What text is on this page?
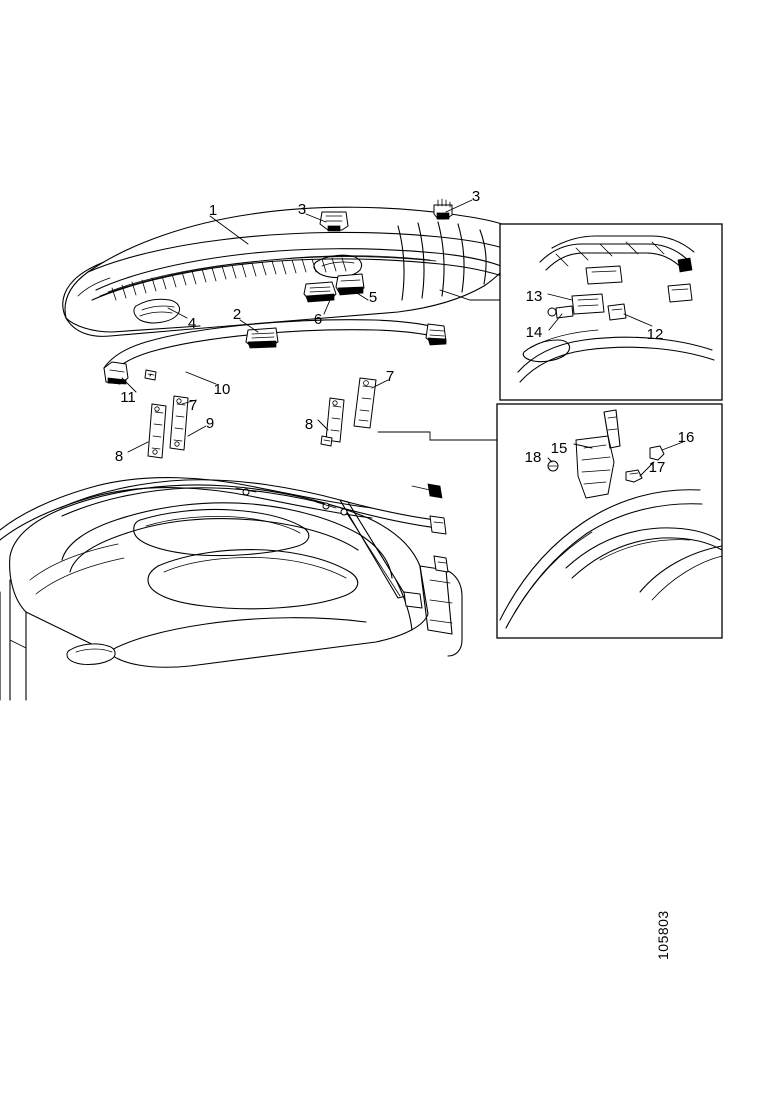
1	3
3
4
2	6
5
11	10
8
7
9	8
7
13
14	12
15
16
18
17
105803
